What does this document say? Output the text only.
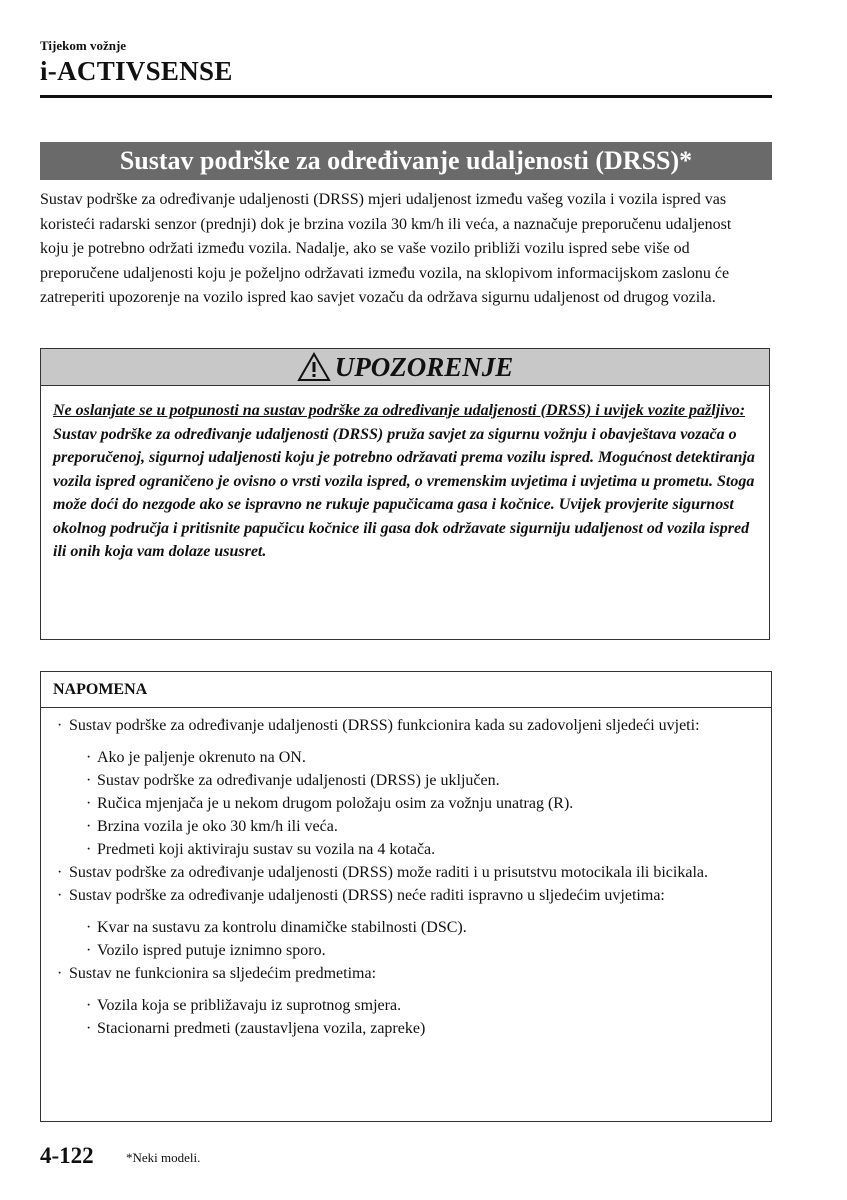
Tijekom vožnje
i-ACTIVSENSE
Sustav podrške za određivanje udaljenosti (DRSS)*
Sustav podrške za određivanje udaljenosti (DRSS) mjeri udaljenost između vašeg vozila i vozila ispred vas koristeći radarski senzor (prednji) dok je brzina vozila 30 km/h ili veća, a naznačuje preporučenu udaljenost koju je potrebno održati između vozila. Nadalje, ako se vaše vozilo približi vozilu ispred sebe više od preporučene udaljenosti koju je poželjno održavati između vozila, na sklopivom informacijskom zaslonu će zatreperiti upozorenje na vozilo ispred kao savjet vozaču da održava sigurnu udaljenost od drugog vozila.
UPOZORENJE
Ne oslanjate se u potpunosti na sustav podrške za određivanje udaljenosti (DRSS) i uvijek vozite pažljivo:
Sustav podrške za određivanje udaljenosti (DRSS) pruža savjet za sigurnu vožnju i obavještava vozača o preporučenoj, sigurnoj udaljenosti koju je potrebno održavati prema vozilu ispred. Mogućnost detektiranja vozila ispred ograničeno je ovisno o vrsti vozila ispred, o vremenskim uvjetima i uvjetima u prometu. Stoga može doći do nezgode ako se ispravno ne rukuje papučicama gasa i kočnice. Uvijek provjerite sigurnost okolnog područja i pritisnite papučicu kočnice ili gasa dok održavate sigurniju udaljenost od vozila ispred ili onih koja vam dolaze ususret.
NAPOMENA
· Sustav podrške za određivanje udaljenosti (DRSS) funkcionira kada su zadovoljeni sljedeći uvjeti:
· Ako je paljenje okrenuto na ON.
· Sustav podrške za određivanje udaljenosti (DRSS) je uključen.
· Ručica mjenjača je u nekom drugom položaju osim za vožnju unatrag (R).
· Brzina vozila je oko 30 km/h ili veća.
· Predmeti koji aktiviraju sustav su vozila na 4 kotača.
· Sustav podrške za određivanje udaljenosti (DRSS) može raditi i u prisutstvu motocikala ili bicikala.
· Sustav podrške za određivanje udaljenosti (DRSS) neće raditi ispravno u sljedećim uvjetima:
· Kvar na sustavu za kontrolu dinamičke stabilnosti (DSC).
· Vozilo ispred putuje iznimno sporo.
· Sustav ne funkcionira sa sljedećim predmetima:
· Vozila koja se približavaju iz suprotnog smjera.
· Stacionarni predmeti (zaustavljena vozila, zapreke)
4-122 *Neki modeli.
